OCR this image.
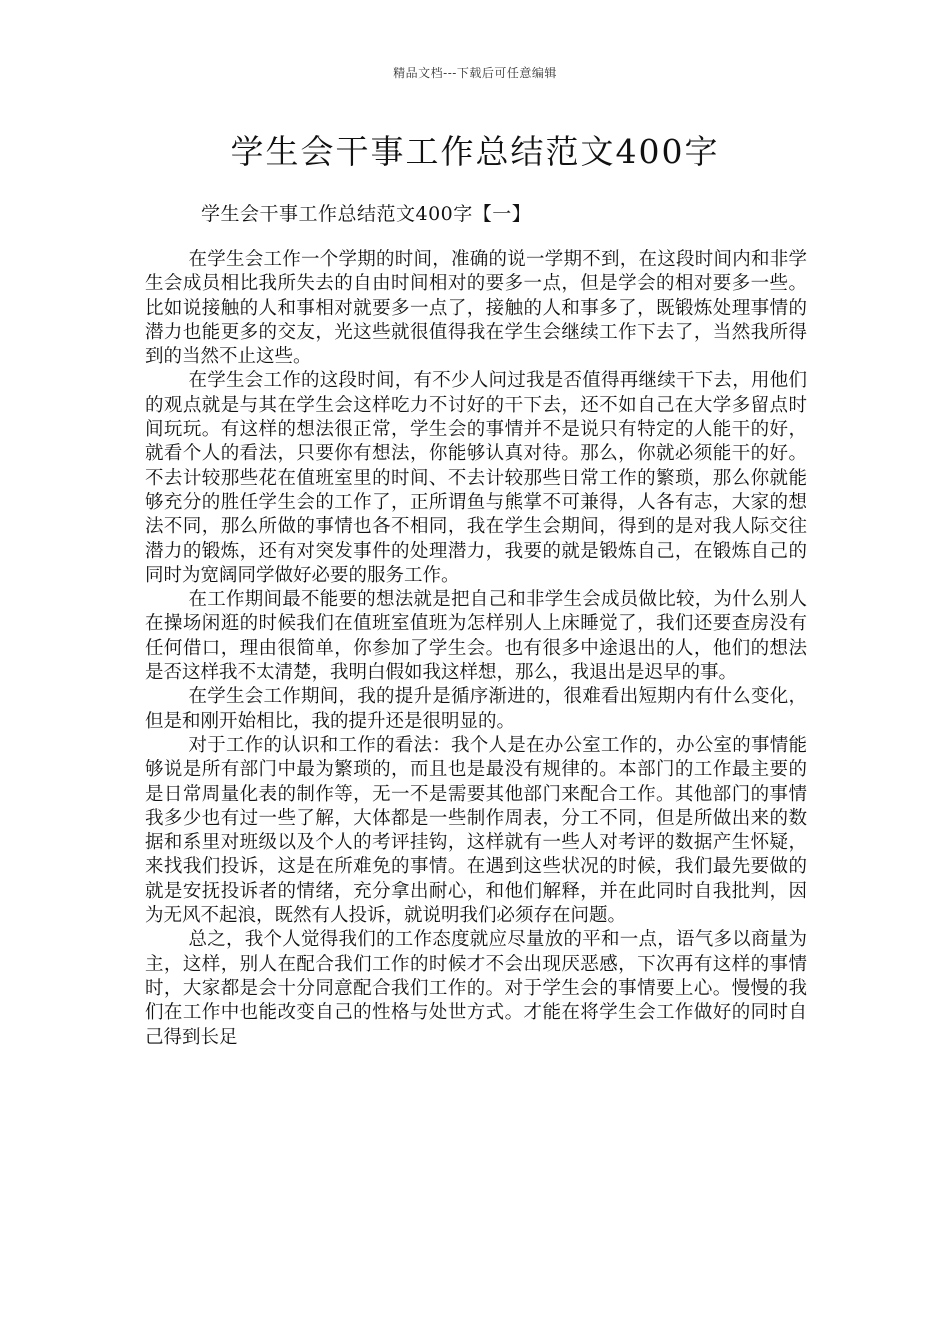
精品文档---下载后可任意编辑
学生会干事工作总结范文400字
学生会干事工作总结范文400字【一】

在学生会工作一个学期的时间，准确的说一学期不到，在这段时间内和非学生会成员相比我所失去的自由时间相对的要多一点，但是学会的相对要多一些。比如说接触的人和事相对就要多一点了，接触的人和事多了，既锻炼处理事情的潜力也能更多的交友，光这些就很值得我在学生会继续工作下去了，当然我所得到的当然不止这些。

在学生会工作的这段时间，有不少人问过我是否值得再继续干下去，用他们的观点就是与其在学生会这样吃力不讨好的干下去，还不如自己在大学多留点时间玩玩。有这样的想法很正常，学生会的事情并不是说只有特定的人能干的好，就看个人的看法，只要你有想法，你能够认真对待。那么，你就必须能干的好。不去计较那些花在值班室里的时间、不去计较那些日常工作的繁琐，那么你就能够充分的胜任学生会的工作了，正所谓鱼与熊掌不可兼得，人各有志，大家的想法不同，那么所做的事情也各不相同，我在学生会期间，得到的是对我人际交往潜力的锻炼，还有对突发事件的处理潜力，我要的就是锻炼自己，在锻炼自己的同时为宽阔同学做好必要的服务工作。

在工作期间最不能要的想法就是把自己和非学生会成员做比较，为什么别人在操场闲逛的时候我们在值班室值班为怎样别人上床睡觉了，我们还要查房没有任何借口，理由很简单，你参加了学生会。也有很多中途退出的人，他们的想法是否这样我不太清楚，我明白假如我这样想，那么，我退出是迟早的事。

在学生会工作期间，我的提升是循序渐进的，很难看出短期内有什么变化，但是和刚开始相比，我的提升还是很明显的。

对于工作的认识和工作的看法：我个人是在办公室工作的，办公室的事情能够说是所有部门中最为繁琐的，而且也是最没有规律的。本部门的工作最主要的是日常周量化表的制作等，无一不是需要其他部门来配合工作。其他部门的事情我多少也有过一些了解，大体都是一些制作周表，分工不同，但是所做出来的数据和系里对班级以及个人的考评挂钩，这样就有一些人对考评的数据产生怀疑，来找我们投诉，这是在所难免的事情。在遇到这些状况的时候，我们最先要做的就是安抚投诉者的情绪，充分拿出耐心，和他们解释，并在此同时自我批判，因为无风不起浪，既然有人投诉，就说明我们必须存在问题。

总之，我个人觉得我们的工作态度就应尽量放的平和一点，语气多以商量为主，这样，别人在配合我们工作的时候才不会出现厌恶感，下次再有这样的事情时，大家都是会十分同意配合我们工作的。对于学生会的事情要上心。慢慢的我们在工作中也能改变自己的性格与处世方式。才能在将学生会工作做好的同时自己得到长足
